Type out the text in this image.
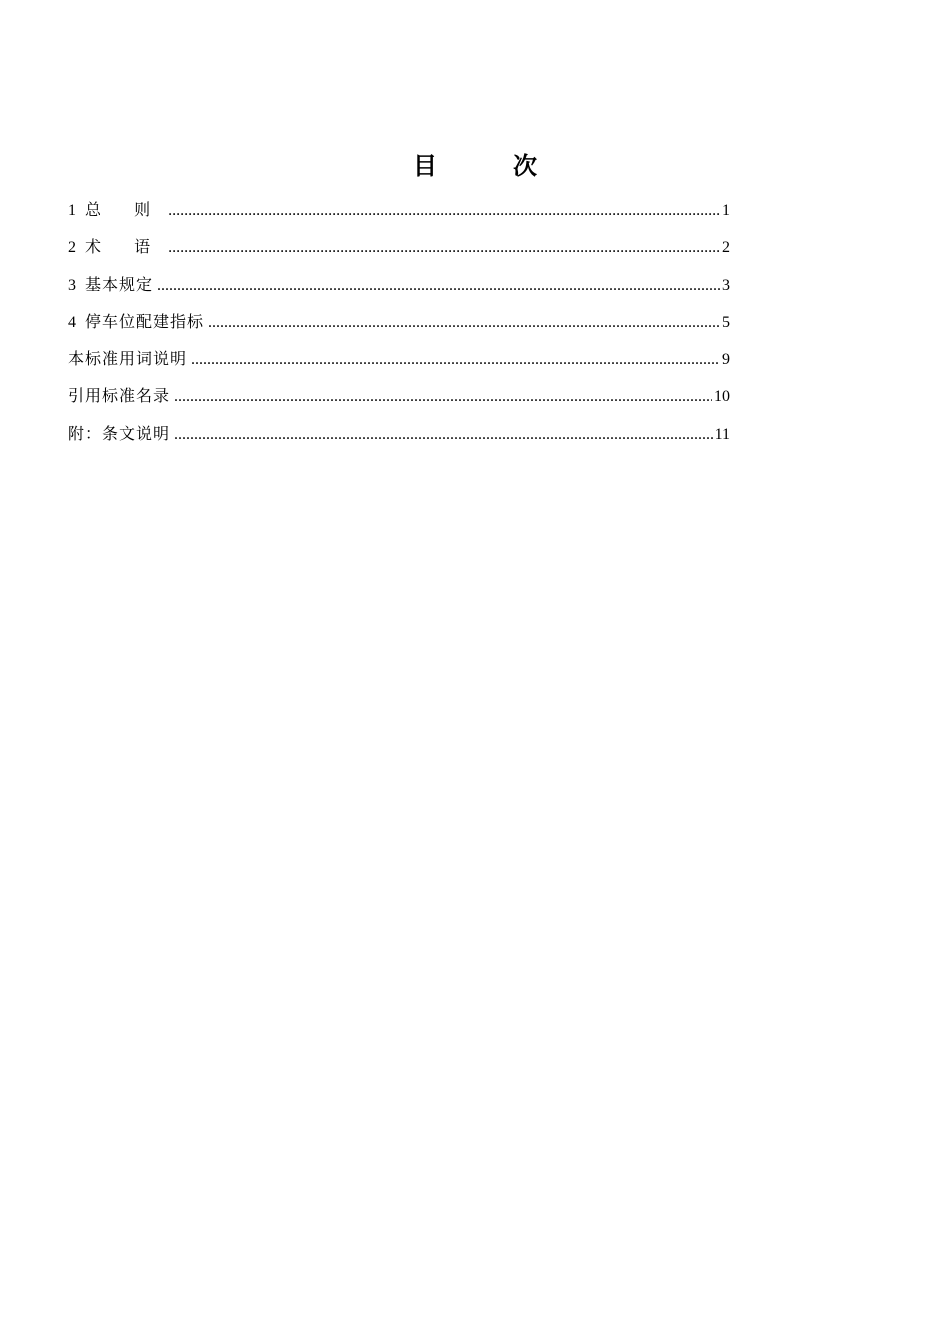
目　次
1 总 则 .....	1
2 术 语 .....	2
3 基本规定 .....	3
4 停车位配建指标 .....	5
本标准用词说明 .....	9
引用标准名录 .....	10
附：条文说明 .....	11
